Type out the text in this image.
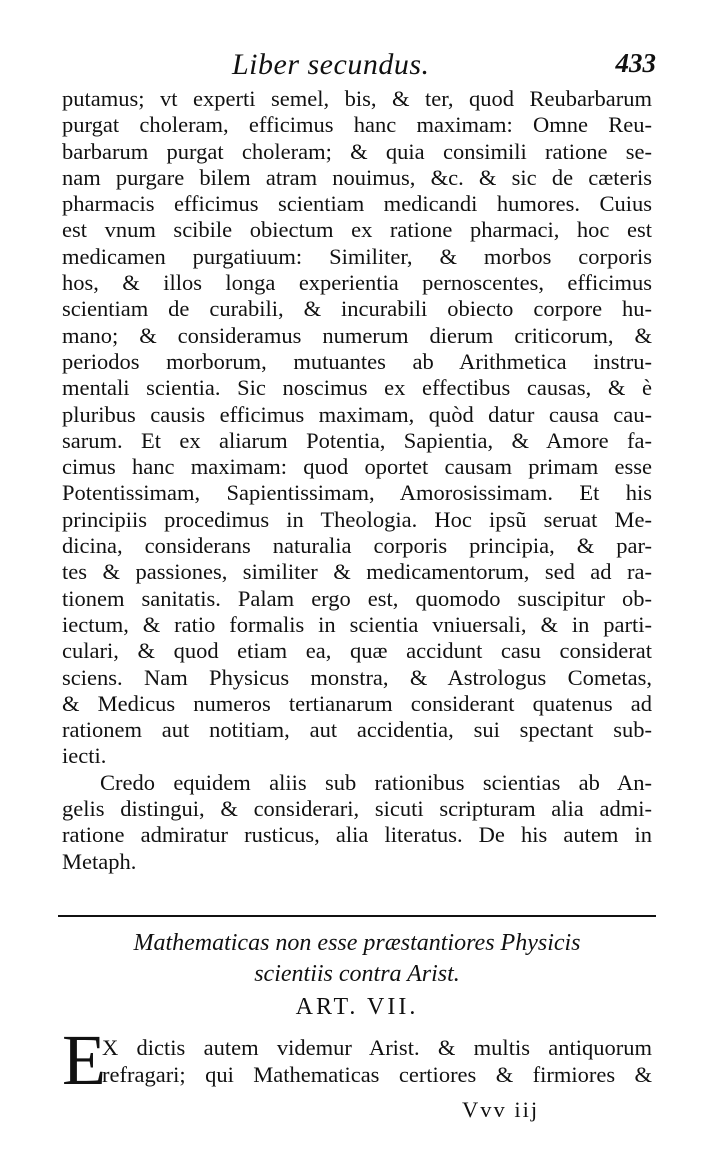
Liber secundus.	433
putamus; vt experti semel, bis, & ter, quod Reubarbarum
purgat choleram, efficimus hanc maximam: Omne Reu-
barbarum purgat choleram; & quia consimili ratione se-
nam purgare bilem atram nouimus, &c. & sic de cæteris
pharmacis efficimus scientiam medicandi humores. Cuius
est vnum scibile obiectum ex ratione pharmaci, hoc est
medicamen purgatiuum: Similiter, & morbos corporis
hos, & illos longa experientia pernoscentes, efficimus
scientiam de curabili, & incurabili obiecto corpore hu-
mano; & consideramus numerum dierum criticorum, &
periodos morborum, mutuantes ab Arithmetica instru-
mentali scientia. Sic noscimus ex effectibus causas, & è
pluribus causis efficimus maximam, quòd datur causa cau-
sarum. Et ex aliarum Potentia, Sapientia, & Amore fa-
cimus hanc maximam: quod oportet causam primam esse
Potentissimam, Sapientissimam, Amorosissimam. Et his
principiis procedimus in Theologia. Hoc ipsũ seruat Me-
dicina, considerans naturalia corporis principia, & par-
tes & passiones, similiter & medicamentorum, sed ad ra-
tionem sanitatis. Palam ergo est, quomodo suscipitur ob-
iectum, & ratio formalis in scientia vniuersali, & in parti-
culari, & quod etiam ea, quæ accidunt casu considerat
sciens. Nam Physicus monstra, & Astrologus Cometas,
& Medicus numeros tertianarum considerant quatenus ad
rationem aut notitiam, aut accidentia, sui spectant sub-
iecti.
Credo equidem aliis sub rationibus scientias ab An-
gelis distingui, & considerari, sicuti scripturam alia admi-
ratione admiratur rusticus, alia literatus. De his autem in
Metaph.
Mathematicas non esse præstantiores Physicis
scientiis contra Arist.
ART. VII.
E
X dictis autem videmur Arist. & multis antiquorum
refragari; qui Mathematicas certiores & firmiores &
Vvv iij
